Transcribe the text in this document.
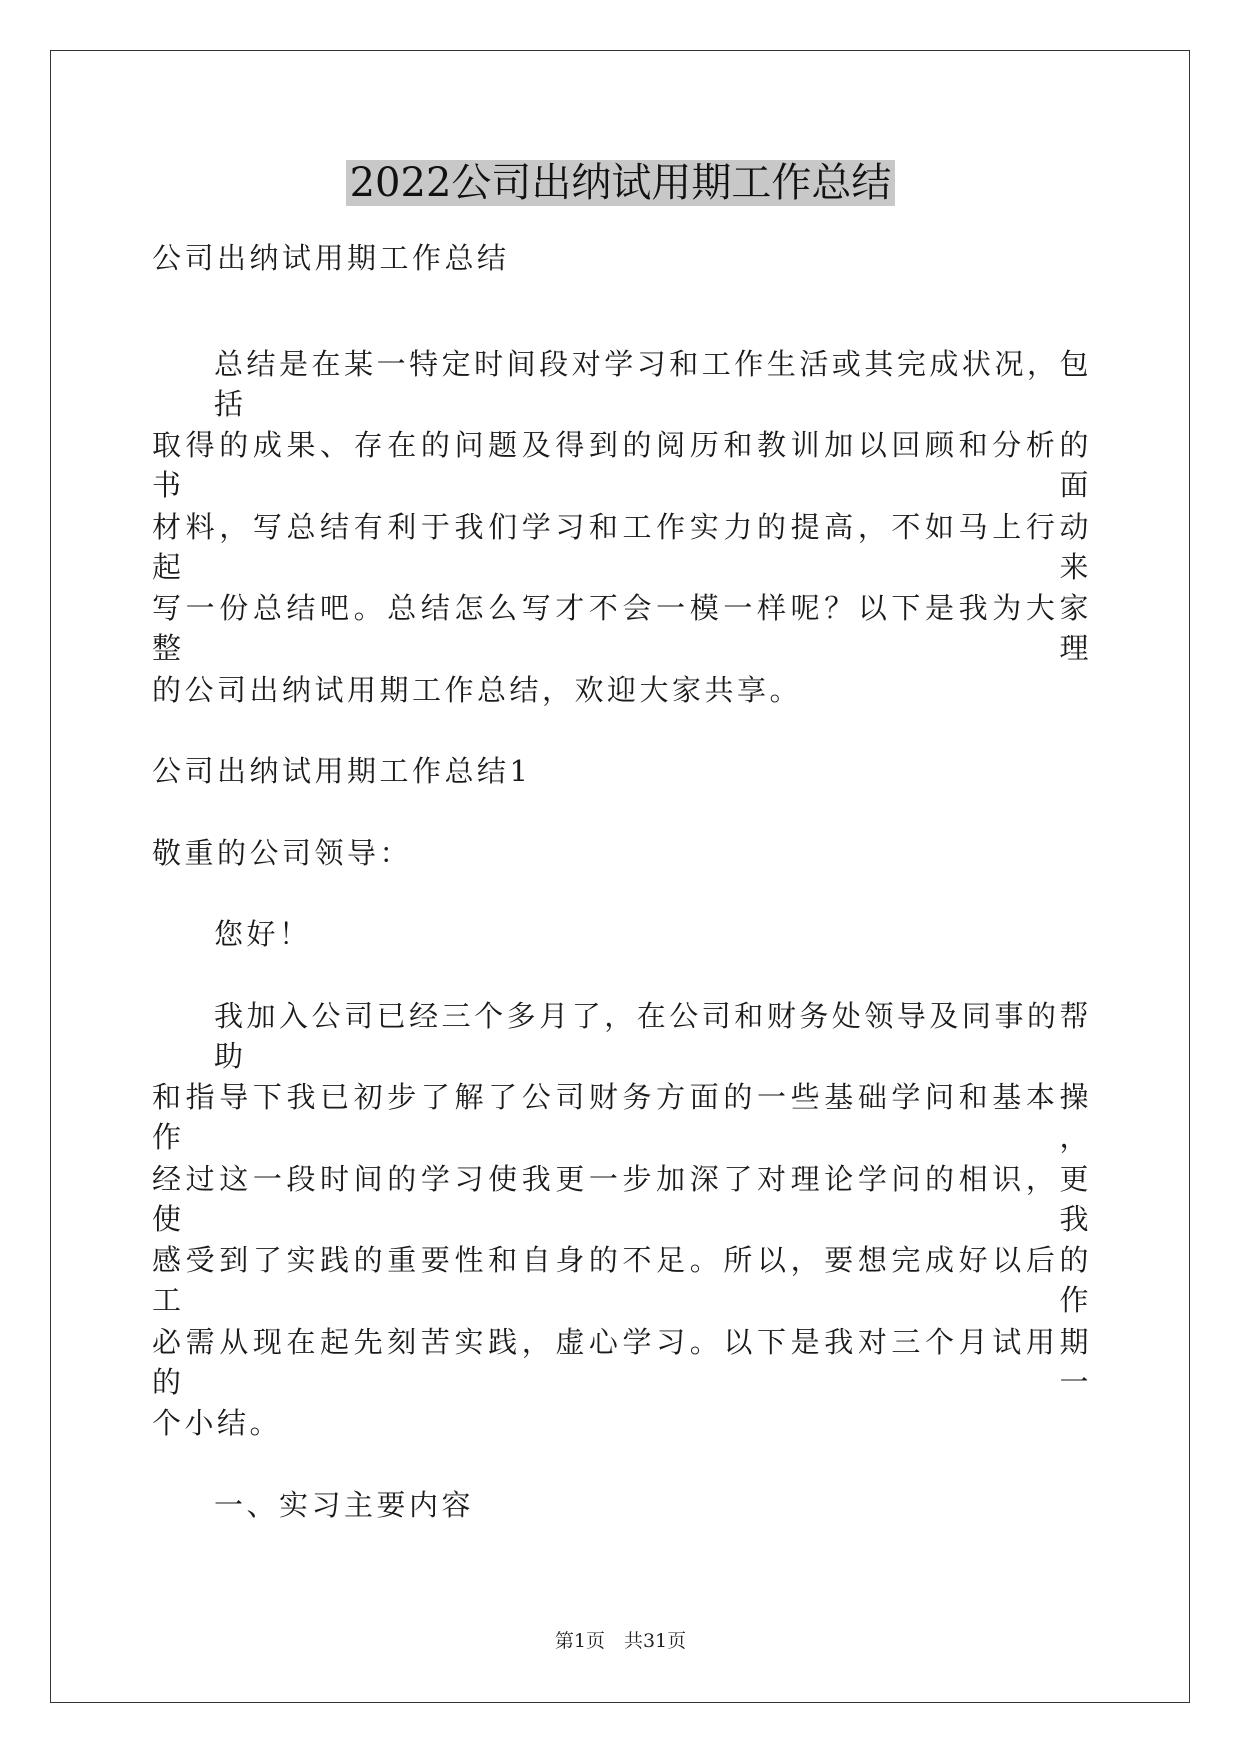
2022公司出纳试用期工作总结
公司出纳试用期工作总结
总结是在某一特定时间段对学习和工作生活或其完成状况，包括
取得的成果、存在的问题及得到的阅历和教训加以回顾和分析的书面
材料，写总结有利于我们学习和工作实力的提高，不如马上行动起来
写一份总结吧。总结怎么写才不会一模一样呢？以下是我为大家整理
的公司出纳试用期工作总结，欢迎大家共享。
公司出纳试用期工作总结1
敬重的公司领导：
您好！
我加入公司已经三个多月了，在公司和财务处领导及同事的帮助
和指导下我已初步了解了公司财务方面的一些基础学问和基本操作，
经过这一段时间的学习使我更一步加深了对理论学问的相识，更使我
感受到了实践的重要性和自身的不足。所以，要想完成好以后的工作
必需从现在起先刻苦实践，虚心学习。以下是我对三个月试用期的一
个小结。
一、实习主要内容
第1页　共31页
